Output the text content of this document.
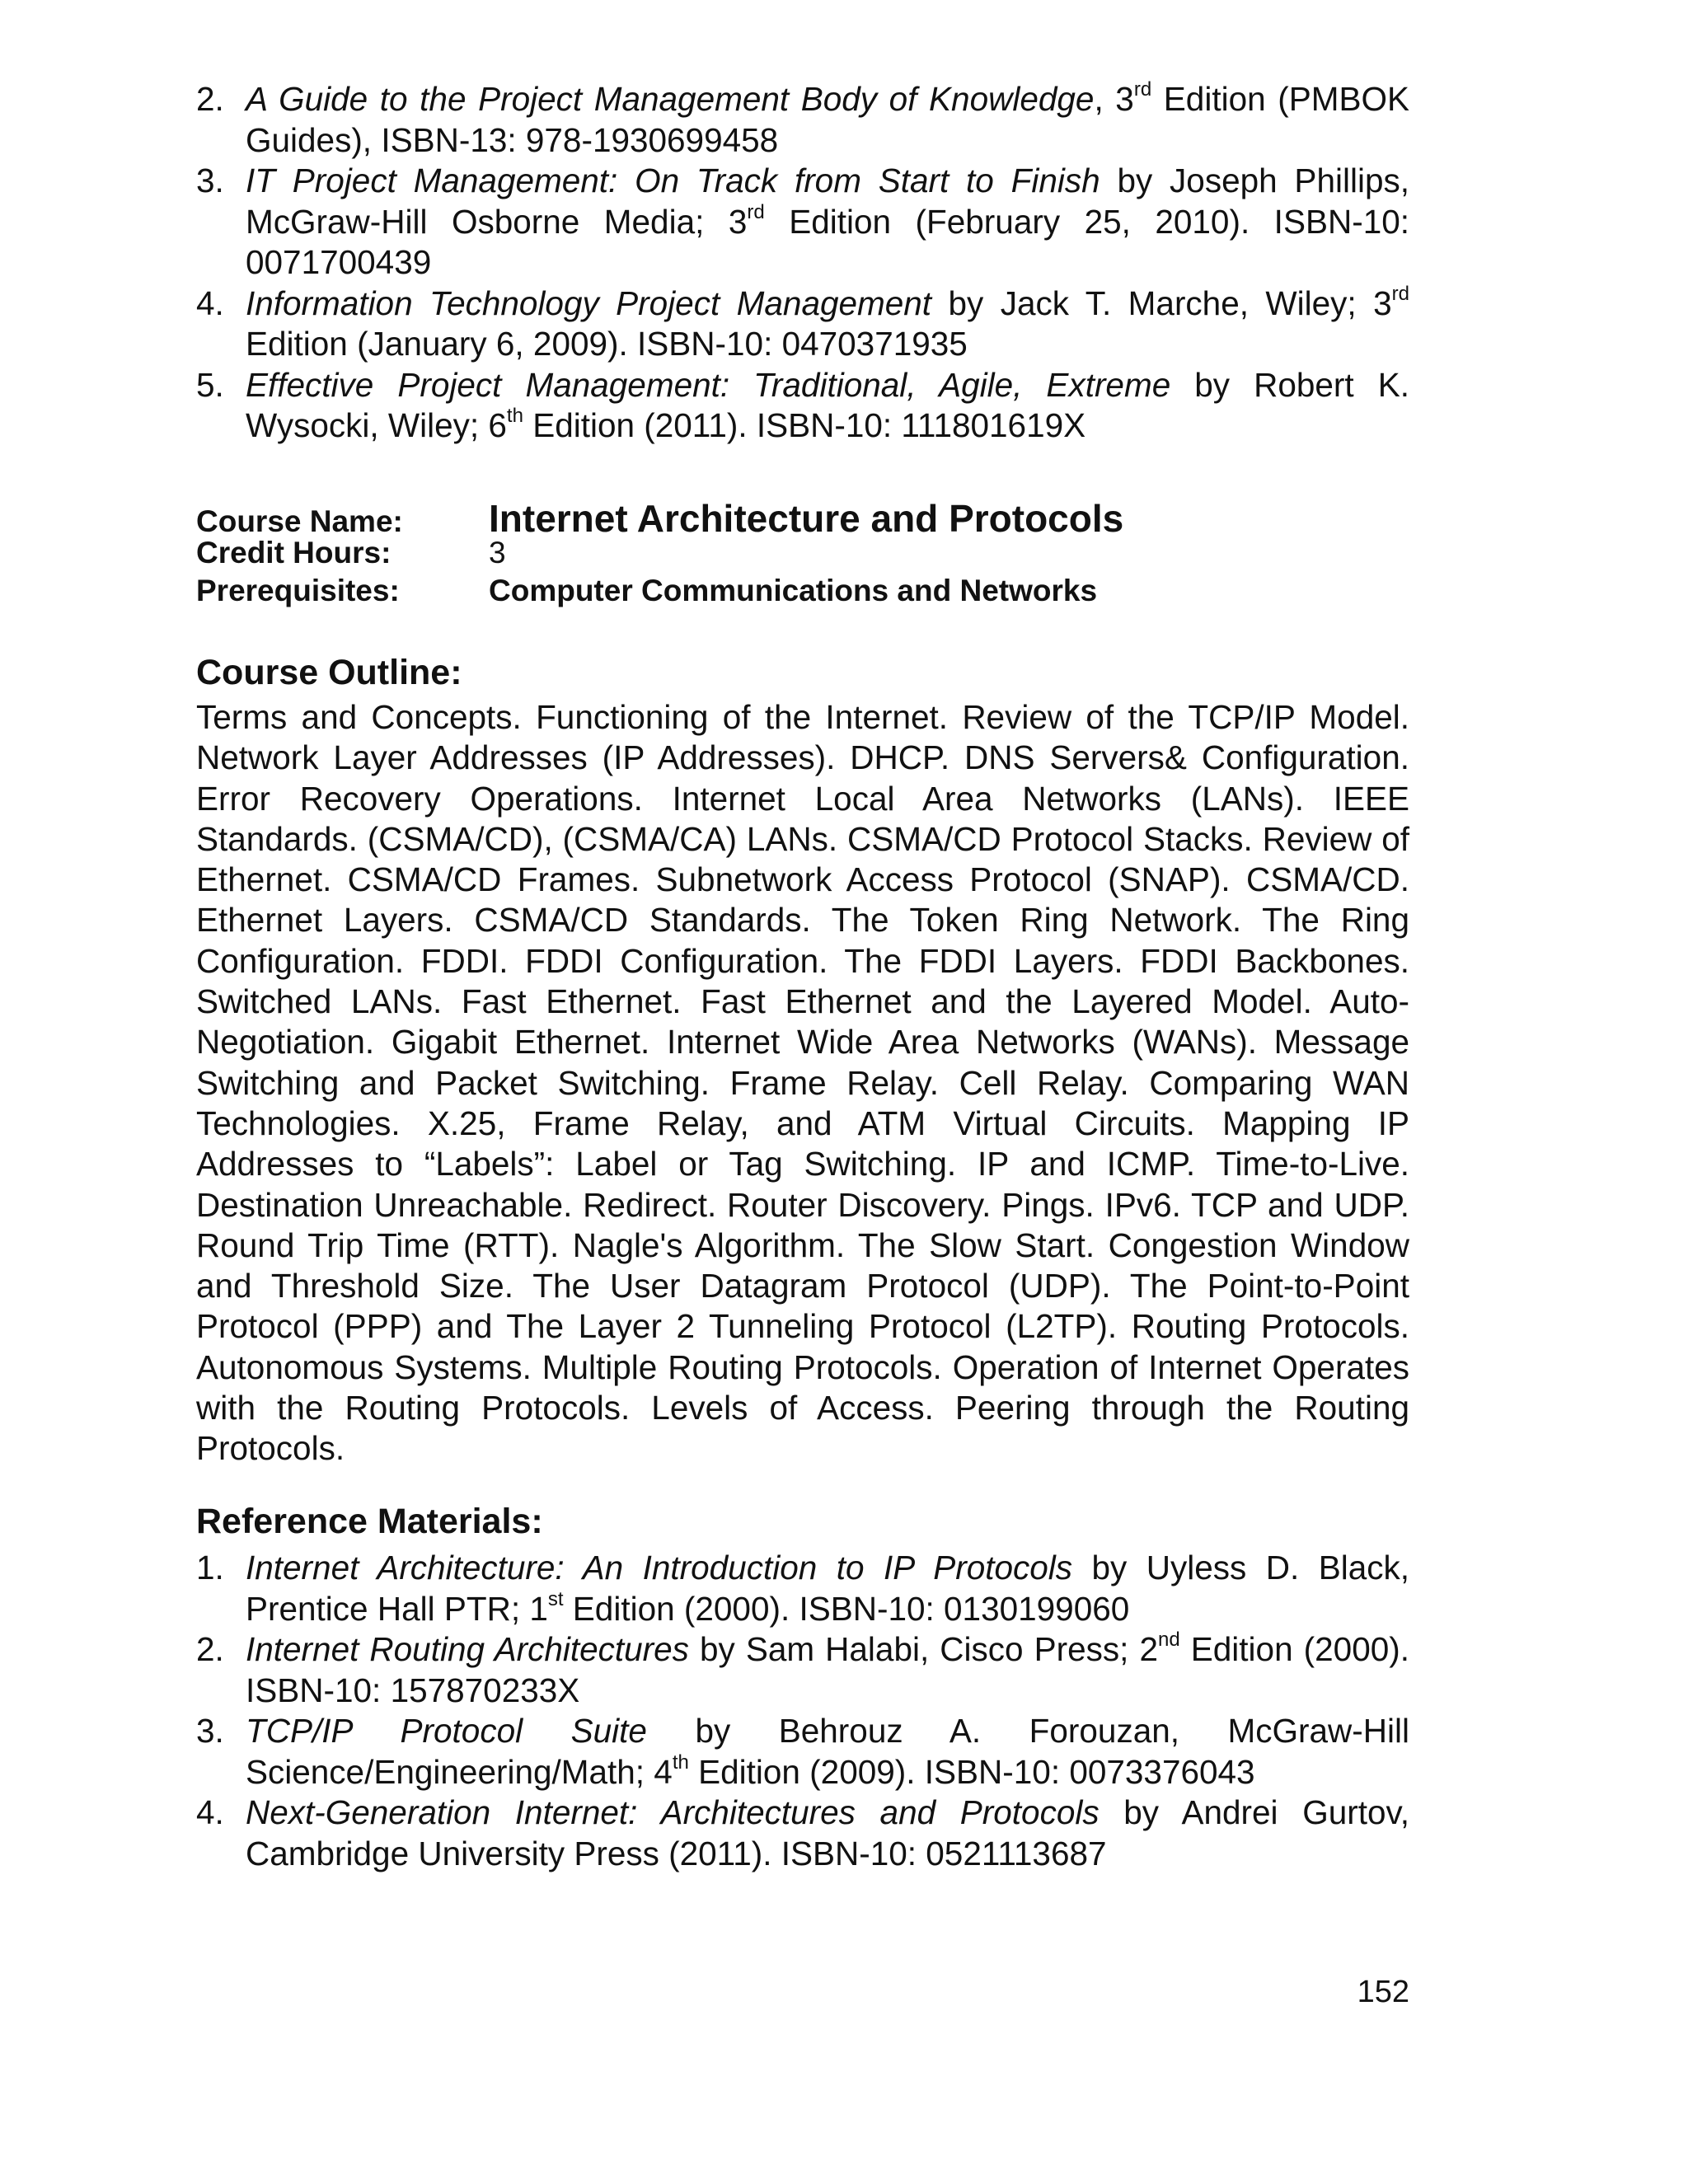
2. A Guide to the Project Management Body of Knowledge, 3rd Edition (PMBOK Guides), ISBN-13: 978-1930699458
3. IT Project Management: On Track from Start to Finish by Joseph Phillips, McGraw-Hill Osborne Media; 3rd Edition (February 25, 2010). ISBN-10: 0071700439
4. Information Technology Project Management by Jack T. Marche, Wiley; 3rd Edition (January 6, 2009). ISBN-10: 0470371935
5. Effective Project Management: Traditional, Agile, Extreme by Robert K. Wysocki, Wiley; 6th Edition (2011). ISBN-10: 111801619X
Course Name:	Internet Architecture and Protocols
Credit Hours:	3
Prerequisites:	Computer Communications and Networks
Course Outline:
Terms and Concepts. Functioning of the Internet. Review of the TCP/IP Model. Network Layer Addresses (IP Addresses). DHCP. DNS Servers& Configuration. Error Recovery Operations. Internet Local Area Networks (LANs). IEEE Standards. (CSMA/CD), (CSMA/CA) LANs. CSMA/CD Protocol Stacks. Review of Ethernet. CSMA/CD Frames. Subnetwork Access Protocol (SNAP). CSMA/CD. Ethernet Layers. CSMA/CD Standards. The Token Ring Network. The Ring Configuration. FDDI. FDDI Configuration. The FDDI Layers. FDDI Backbones. Switched LANs. Fast Ethernet. Fast Ethernet and the Layered Model. Auto-Negotiation. Gigabit Ethernet. Internet Wide Area Networks (WANs). Message Switching and Packet Switching. Frame Relay. Cell Relay. Comparing WAN Technologies. X.25, Frame Relay, and ATM Virtual Circuits. Mapping IP Addresses to “Labels”: Label or Tag Switching. IP and ICMP. Time-to-Live. Destination Unreachable. Redirect. Router Discovery. Pings. IPv6. TCP and UDP. Round Trip Time (RTT). Nagle's Algorithm. The Slow Start. Congestion Window and Threshold Size. The User Datagram Protocol (UDP). The Point-to-Point Protocol (PPP) and The Layer 2 Tunneling Protocol (L2TP). Routing Protocols. Autonomous Systems. Multiple Routing Protocols. Operation of Internet Operates with the Routing Protocols. Levels of Access. Peering through the Routing Protocols.
Reference Materials:
1. Internet Architecture: An Introduction to IP Protocols by Uyless D. Black, Prentice Hall PTR; 1st Edition (2000). ISBN-10: 0130199060
2. Internet Routing Architectures by Sam Halabi, Cisco Press; 2nd Edition (2000). ISBN-10: 157870233X
3. TCP/IP Protocol Suite by Behrouz A. Forouzan, McGraw-Hill Science/Engineering/Math; 4th Edition (2009). ISBN-10: 0073376043
4. Next-Generation Internet: Architectures and Protocols by Andrei Gurtov, Cambridge University Press (2011). ISBN-10: 0521113687
152
